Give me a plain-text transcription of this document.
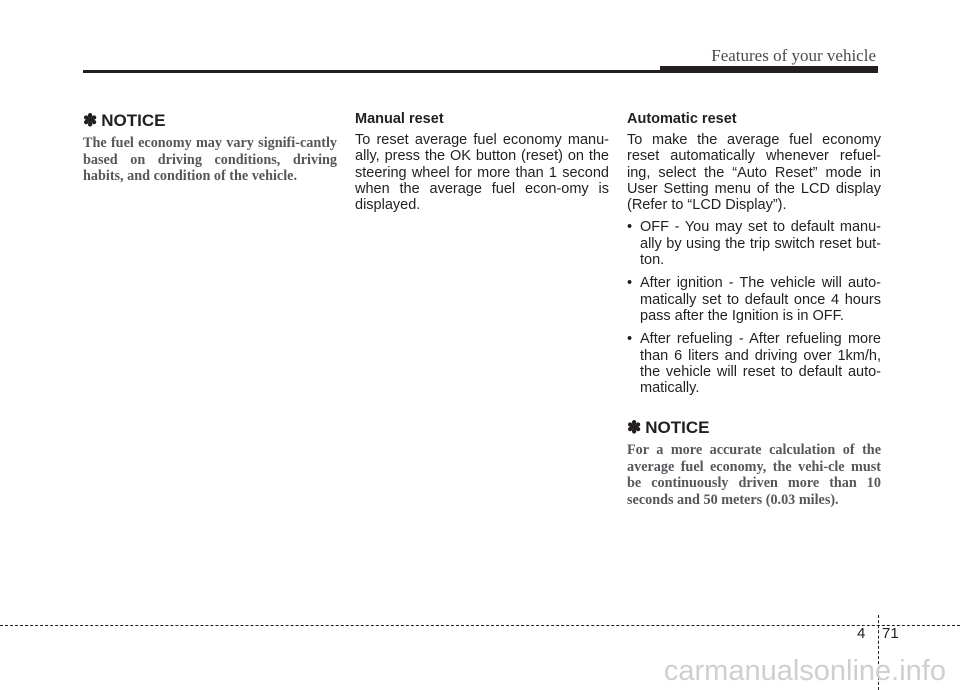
Features of your vehicle
✽ NOTICE

The fuel economy may vary signifi-cantly based on driving conditions, driving habits, and condition of the vehicle.

Manual reset

To reset average fuel economy manu-ally, press the OK button (reset) on the steering wheel for more than 1 second when the average fuel econ-omy is displayed.

Automatic reset

To make the average fuel economy reset automatically whenever refuel-ing, select the “Auto Reset” mode in User Setting menu of the LCD display (Refer to “LCD Display”).

• OFF - You may set to default manu-ally by using the trip switch reset but-ton.
• After ignition - The vehicle will auto-matically set to default once 4 hours pass after the Ignition is in OFF.
• After refueling - After refueling more than 6 liters and driving over 1km/h, the vehicle will reset to default auto-matically.
✽ NOTICE

For a more accurate calculation of the average fuel economy, the vehi-cle must be continuously driven more than 10 seconds and 50 meters (0.03 miles).

4 71
carmanualsonline.info
